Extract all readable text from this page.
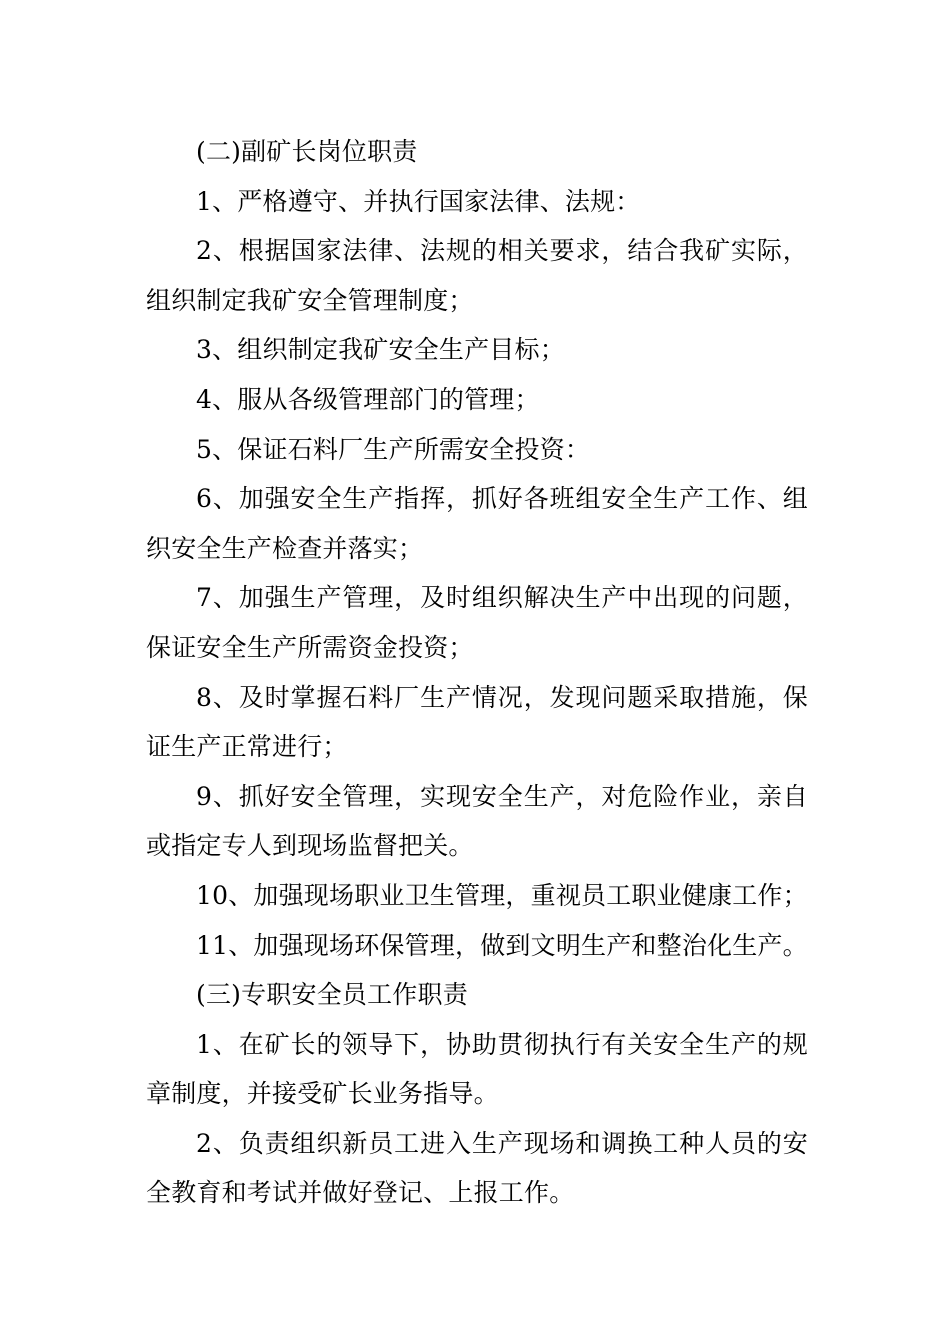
(二)副矿长岗位职责

1、严格遵守、并执行国家法律、法规：

2、根据国家法律、法规的相关要求，结合我矿实际，组织制定我矿安全管理制度；

3、组织制定我矿安全生产目标；

4、服从各级管理部门的管理；

5、保证石料厂生产所需安全投资：

6、加强安全生产指挥，抓好各班组安全生产工作、组织安全生产检查并落实；

7、加强生产管理，及时组织解决生产中出现的问题，保证安全生产所需资金投资；

8、及时掌握石料厂生产情况，发现问题采取措施，保证生产正常进行；

9、抓好安全管理，实现安全生产，对危险作业，亲自或指定专人到现场监督把关。

10、加强现场职业卫生管理，重视员工职业健康工作；

11、加强现场环保管理，做到文明生产和整治化生产。

(三)专职安全员工作职责

1、在矿长的领导下，协助贯彻执行有关安全生产的规章制度，并接受矿长业务指导。

2、负责组织新员工进入生产现场和调换工种人员的安全教育和考试并做好登记、上报工作。
